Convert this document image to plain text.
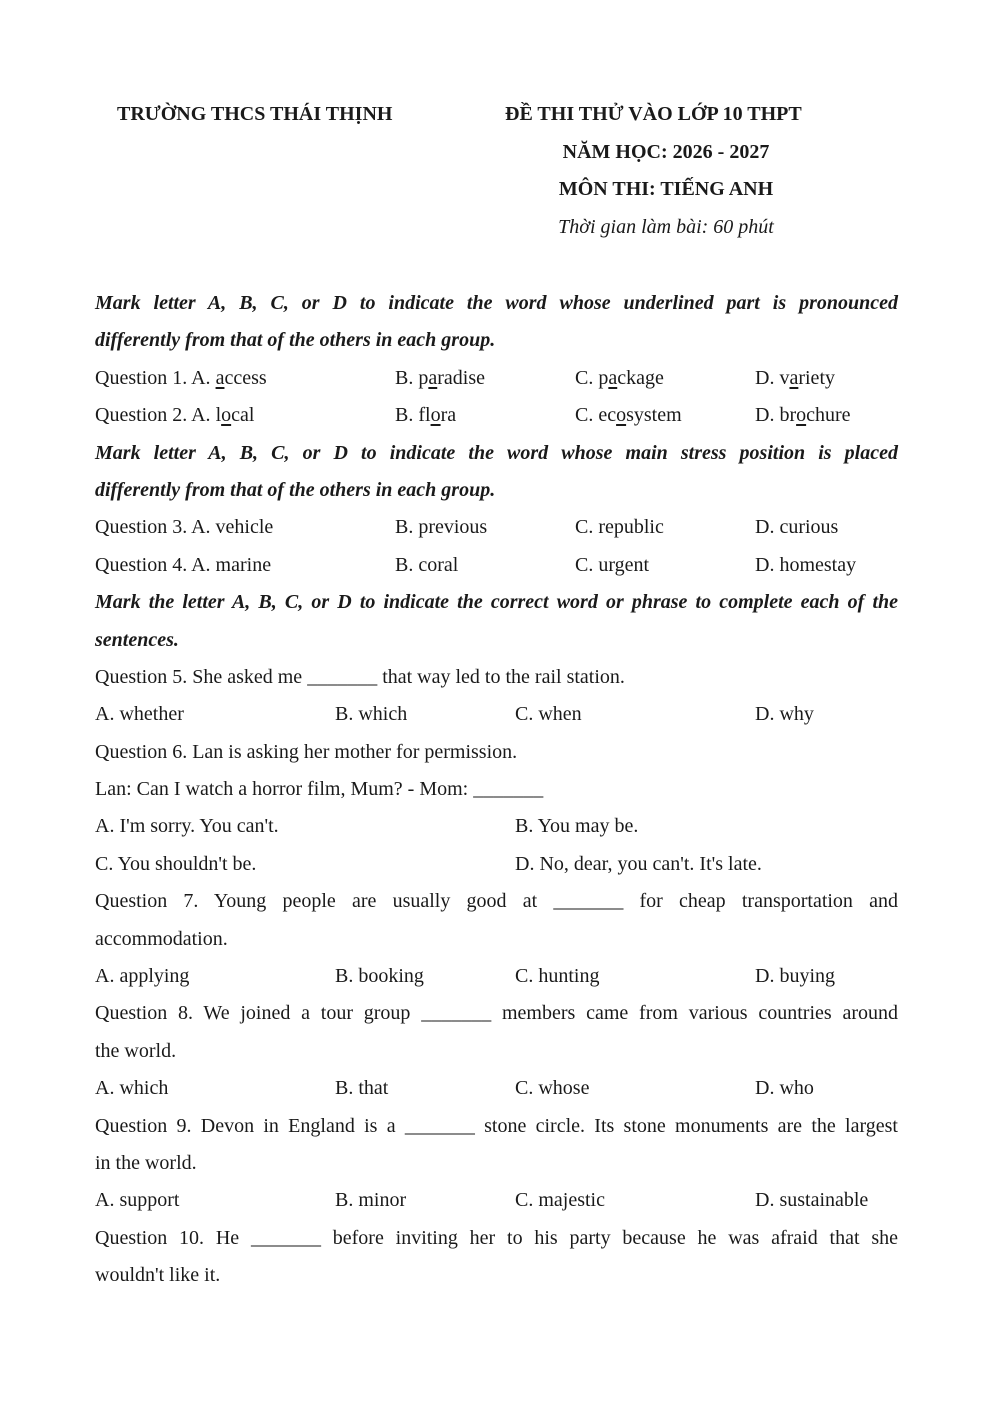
TRƯỜNG THCS THÁI THỊNH	ĐỀ THI THỬ VÀO LỚP 10 THPT
NĂM HỌC: 2026 - 2027
MÔN THI: TIẾNG ANH
Thời gian làm bài: 60 phút
Mark letter A, B, C, or D to indicate the word whose underlined part is pronounced
differently from that of the others in each group.
Question 1. A. access	B. paradise	C. package	D. variety
Question 2. A. local	B. flora	C. ecosystem	D. brochure
Mark letter A, B, C, or D to indicate the word whose main stress position is placed
differently from that of the others in each group.
Question 3. A. vehicle	B. previous	C. republic	D. curious
Question 4. A. marine	B. coral	C. urgent	D. homestay
Mark the letter A, B, C, or D to indicate the correct word or phrase to complete each of the
sentences.
Question 5. She asked me _______ that way led to the rail station.
A. whether	B. which	C. when	D. why
Question 6. Lan is asking her mother for permission.
Lan: Can I watch a horror film, Mum? - Mom: _______
A. I'm sorry. You can't.	B. You may be.
C. You shouldn't be.	D. No, dear, you can't. It's late.
Question 7. Young people are usually good at _______ for cheap transportation and
accommodation.
A. applying	B. booking	C. hunting	D. buying
Question 8. We joined a tour group _______ members came from various countries around
the world.
A. which	B. that	C. whose	D. who
Question 9. Devon in England is a _______ stone circle. Its stone monuments are the largest
in the world.
A. support	B. minor	C. majestic	D. sustainable
Question 10. He _______ before inviting her to his party because he was afraid that she
wouldn't like it.
